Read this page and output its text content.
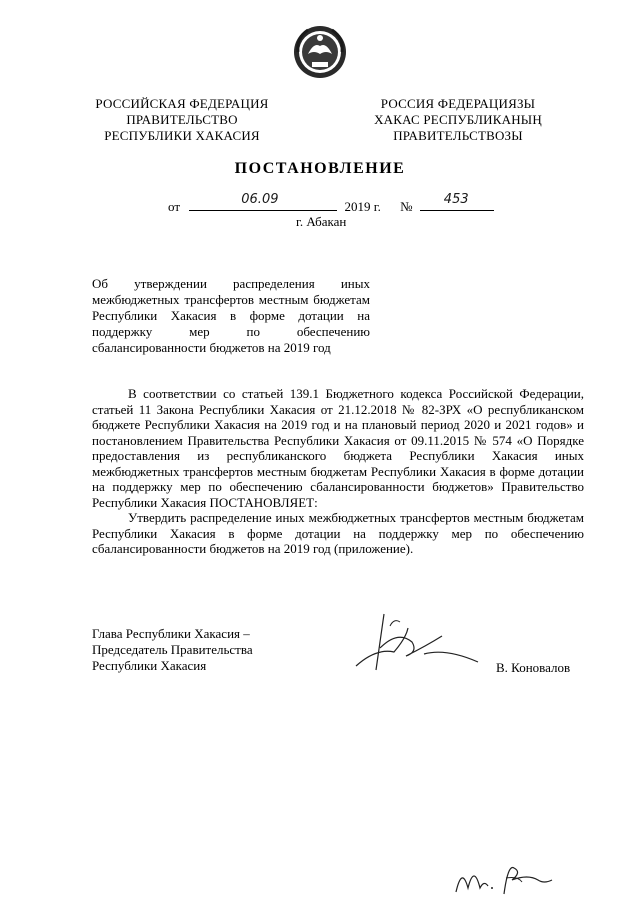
РОССИЙСКАЯ ФЕДЕРАЦИЯ
ПРАВИТЕЛЬСТВО
РЕСПУБЛИКИ ХАКАСИЯ
РОССИЯ ФЕДЕРАЦИЯЗЫ
ХАКАС РЕСПУБЛИКАНЫҢ
ПРАВИТЕЛЬСТВОЗЫ
ПОСТАНОВЛЕНИЕ
от	06.09	2019 г. № 453
г. Абакан
Об утверждении распределения иных межбюджетных трансфертов местным бюджетам Республики Хакасия в форме дотации на поддержку мер по обеспечению сбалансированности бюджетов на 2019 год

В соответствии со статьей 139.1 Бюджетного кодекса Российской Федерации, статьей 11 Закона Республики Хакасия от 21.12.2018 № 82-ЗРХ «О республиканском бюджете Республики Хакасия на 2019 год и на плановый период 2020 и 2021 годов» и постановлением Правительства Республики Хакасия от 09.11.2015 № 574 «О Порядке предоставления из республиканского бюджета Республики Хакасия иных межбюджетных трансфертов местным бюджетам Республики Хакасия в форме дотации на поддержку мер по обеспечению сбалансированности бюджетов» Правительство Республики Хакасия ПОСТАНОВЛЯЕТ:

Утвердить распределение иных межбюджетных трансфертов местным бюджетам Республики Хакасия в форме дотации на поддержку мер по обеспечению сбалансированности бюджетов на 2019 год (приложение).

Глава Республики Хакасия –
Председатель Правительства
Республики Хакасия	В. Коновалов
